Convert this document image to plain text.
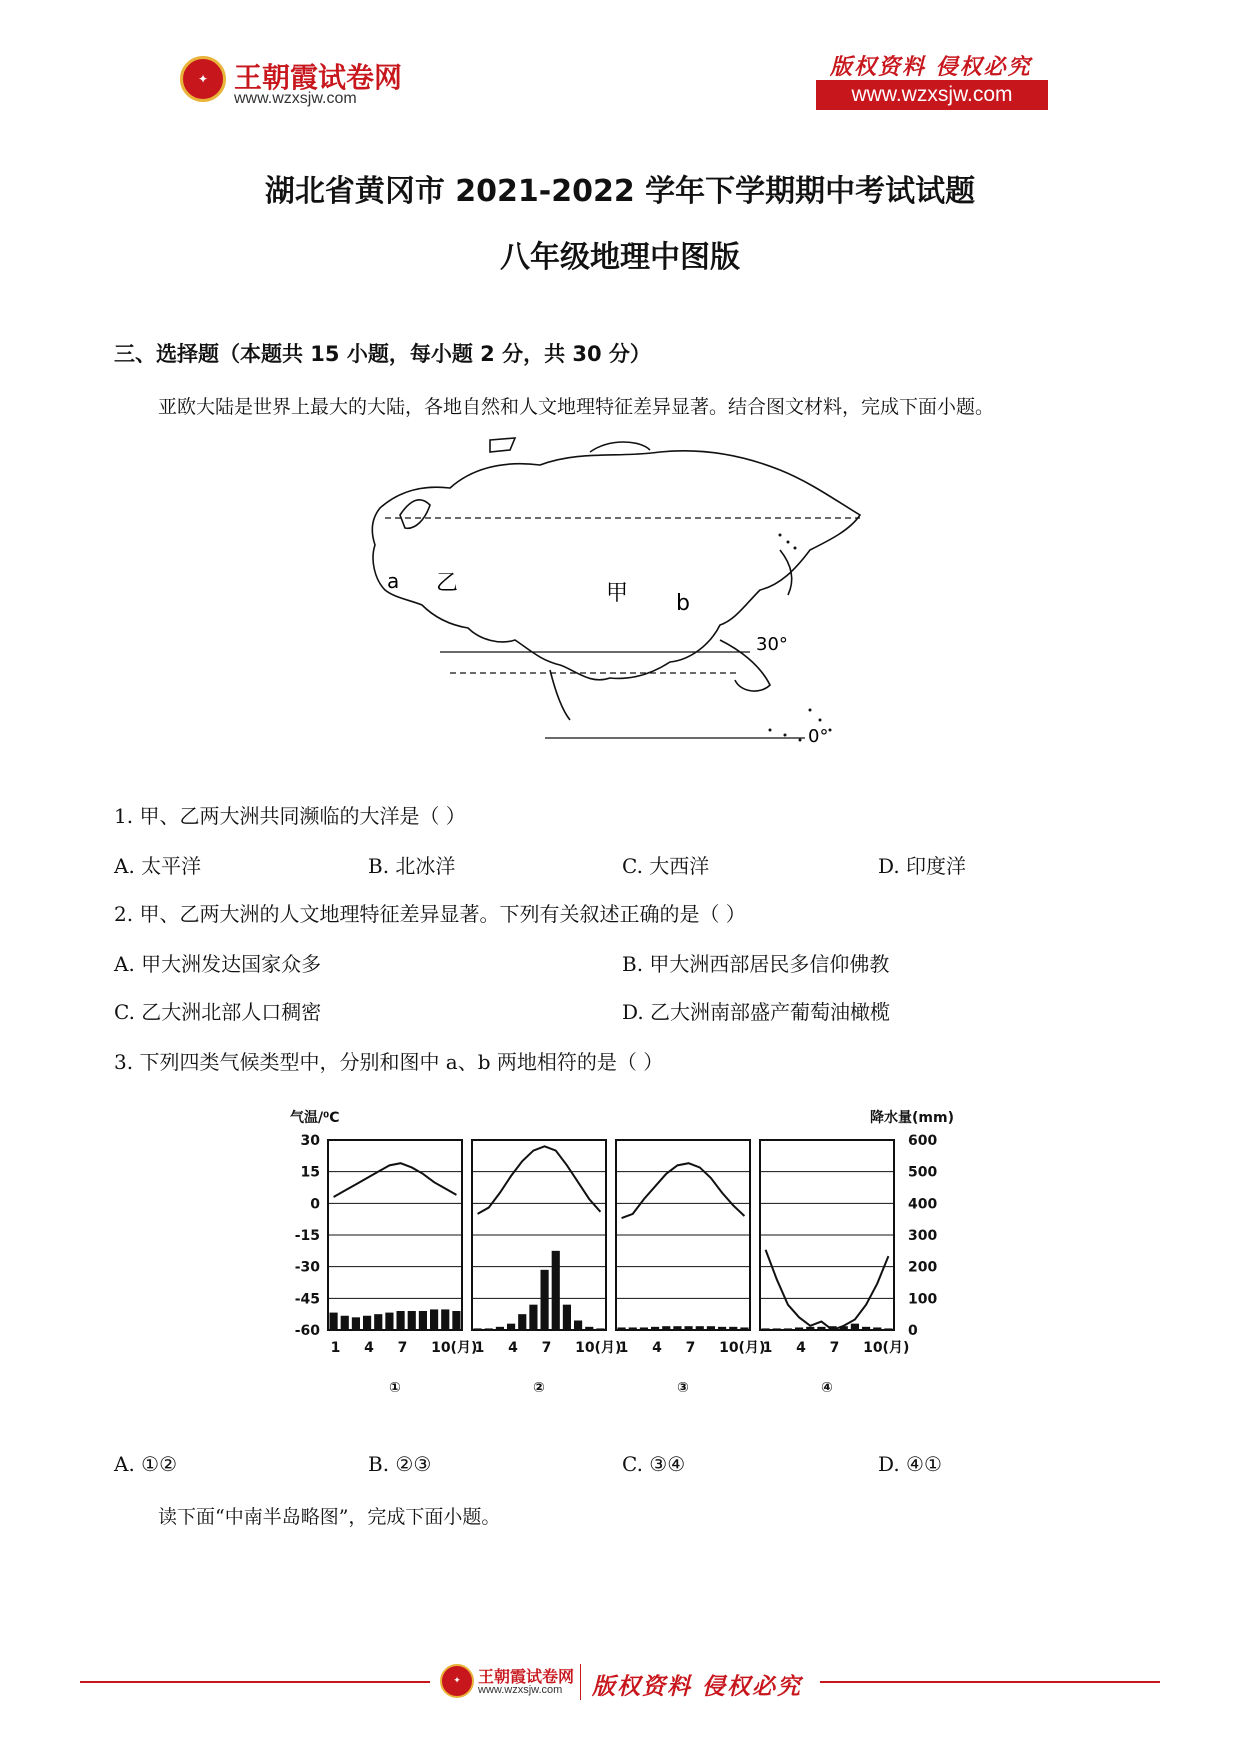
✦ 王朝霞试卷网
www.wzxsjw.com
版权资料 侵权必究
www.wzxsjw.com
湖北省黄冈市 2021-2022 学年下学期期中考试试题
八年级地理中图版
三、选择题（本题共 15 小题，每小题 2 分，共 30 分）
亚欧大陆是世界上最大的大陆，各地自然和人文地理特征差异显著。结合图文材料，完成下面小题。
a 乙	甲 b
30°
0°
1. 甲、乙两大洲共同濒临的大洋是（ ）
A. 太平洋	B. 北冰洋	C. 大西洋	D. 印度洋
2. 甲、乙两大洲的人文地理特征差异显著。下列有关叙述正确的是（ ）
A. 甲大洲发达国家众多	B. 甲大洲西部居民多信仰佛教
C. 乙大洲北部人口稠密	D. 乙大洲南部盛产葡萄油橄榄
3. 下列四类气候类型中，分别和图中 a、b 两地相符的是（ ）
气温/⁰C	降水量(mm)
30
15
0
-15
-30
-45
-60
600
500
400
300
200
100
0
1 4 7 10(月)
①
1 4 7 10(月)
②
1 4 7 10(月)
③
1 4 7 10(月)
④
A. ①②	B. ②③	C. ③④	D. ④①
读下面“中南半岛略图”，完成下面小题。
✦	王朝霞试卷网
www.wzxsjw.com 版权资料 侵权必究
